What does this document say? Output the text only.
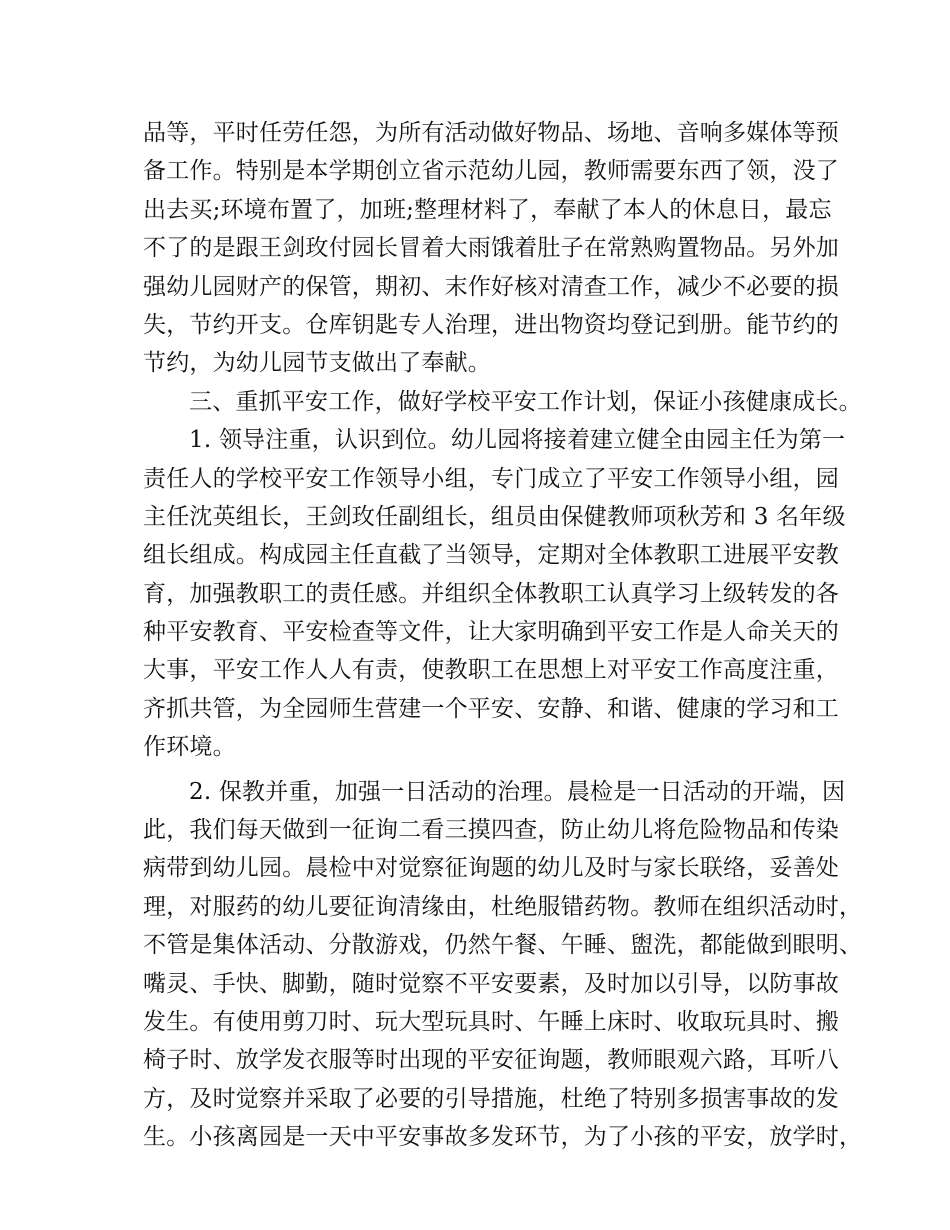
品等，平时任劳任怨，为所有活动做好物品、场地、音响多媒体等预
备工作。特别是本学期创立省示范幼儿园，教师需要东西了领，没了
出去买;环境布置了，加班;整理材料了，奉献了本人的休息日，最忘
不了的是跟王剑玫付园长冒着大雨饿着肚子在常熟购置物品。另外加
强幼儿园财产的保管，期初、末作好核对清查工作，减少不必要的损
失，节约开支。仓库钥匙专人治理，进出物资均登记到册。能节约的
节约，为幼儿园节支做出了奉献。
三、重抓平安工作，做好学校平安工作计划，保证小孩健康成长。
1. 领导注重，认识到位。幼儿园将接着建立健全由园主任为第一
责任人的学校平安工作领导小组，专门成立了平安工作领导小组，园
主任沈英组长，王剑玫任副组长，组员由保健教师项秋芳和 3 名年级
组长组成。构成园主任直截了当领导，定期对全体教职工进展平安教
育，加强教职工的责任感。并组织全体教职工认真学习上级转发的各
种平安教育、平安检查等文件，让大家明确到平安工作是人命关天的
大事，平安工作人人有责，使教职工在思想上对平安工作高度注重，
齐抓共管，为全园师生营建一个平安、安静、和谐、健康的学习和工
作环境。
2. 保教并重，加强一日活动的治理。晨检是一日活动的开端，因
此，我们每天做到一征询二看三摸四查，防止幼儿将危险物品和传染
病带到幼儿园。晨检中对觉察征询题的幼儿及时与家长联络，妥善处
理，对服药的幼儿要征询清缘由，杜绝服错药物。教师在组织活动时，
不管是集体活动、分散游戏，仍然午餐、午睡、盥洗，都能做到眼明、
嘴灵、手快、脚勤，随时觉察不平安要素，及时加以引导，以防事故
发生。有使用剪刀时、玩大型玩具时、午睡上床时、收取玩具时、搬
椅子时、放学发衣服等时出现的平安征询题，教师眼观六路，耳听八
方，及时觉察并采取了必要的引导措施，杜绝了特别多损害事故的发
生。小孩离园是一天中平安事故多发环节，为了小孩的平安，放学时，
